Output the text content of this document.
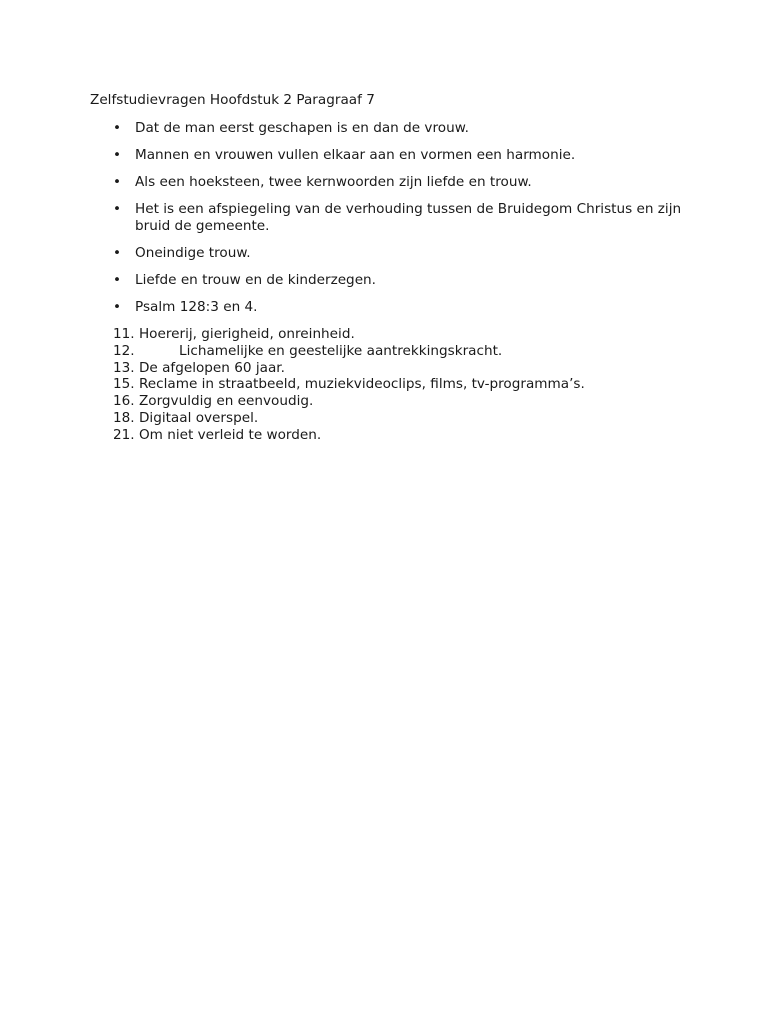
Zelfstudievragen Hoofdstuk 2 Paragraaf 7
• Dat de man eerst geschapen is en dan de vrouw.
• Mannen en vrouwen vullen elkaar aan en vormen een harmonie.
• Als een hoeksteen, twee kernwoorden zijn liefde en trouw.
• Het is een afspiegeling van de verhouding tussen de Bruidegom Christus en zijn bruid de gemeente.
• Oneindige trouw.
• Liefde en trouw en de kinderzegen.
• Psalm 128:3 en 4.
11. Hoererij, gierigheid, onreinheid.
12.	Lichamelijke en geestelijke aantrekkingskracht.
13. De afgelopen 60 jaar.
15. Reclame in straatbeeld, muziekvideoclips, films, tv-programma’s.
16. Zorgvuldig en eenvoudig.
18. Digitaal overspel.
21. Om niet verleid te worden.
